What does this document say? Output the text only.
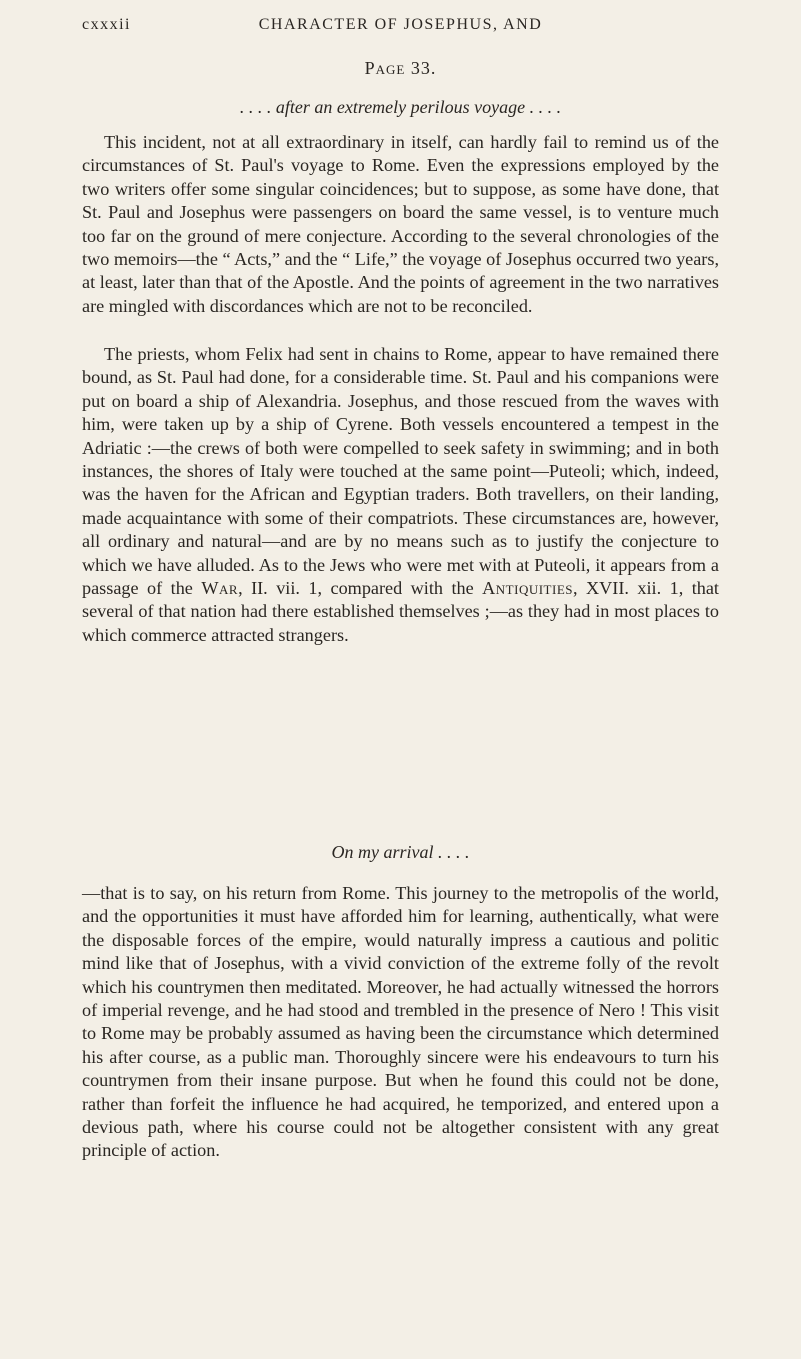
cxxxii	CHARACTER OF JOSEPHUS, AND
Page 33.
. . . . after an extremely perilous voyage . . . .

This incident, not at all extraordinary in itself, can hardly fail to remind us of the circumstances of St. Paul's voyage to Rome. Even the expressions employed by the two writers offer some singular coincidences; but to suppose, as some have done, that St. Paul and Josephus were passengers on board the same vessel, is to venture much too far on the ground of mere conjecture. According to the several chronologies of the two memoirs—the “ Acts,” and the “ Life,” the voyage of Josephus occurred two years, at least, later than that of the Apostle. And the points of agreement in the two narratives are mingled with discordances which are not to be reconciled.

The priests, whom Felix had sent in chains to Rome, appear to have remained there bound, as St. Paul had done, for a considerable time. St. Paul and his companions were put on board a ship of Alexandria. Josephus, and those rescued from the waves with him, were taken up by a ship of Cyrene. Both vessels encountered a tempest in the Adriatic :—the crews of both were compelled to seek safety in swimming; and in both instances, the shores of Italy were touched at the same point—Puteoli; which, indeed, was the haven for the African and Egyptian traders. Both travellers, on their landing, made acquaintance with some of their compatriots. These circumstances are, however, all ordinary and natural—and are by no means such as to justify the conjecture to which we have alluded. As to the Jews who were met with at Puteoli, it appears from a passage of the War, II. vii. 1, compared with the Antiquities, XVII. xii. 1, that several of that nation had there established themselves ;—as they had in most places to which commerce attracted strangers.

On my arrival . . . .

—that is to say, on his return from Rome. This journey to the metropolis of the world, and the opportunities it must have afforded him for learning, authentically, what were the disposable forces of the empire, would naturally impress a cautious and politic mind like that of Josephus, with a vivid conviction of the extreme folly of the revolt which his countrymen then meditated. Moreover, he had actually witnessed the horrors of imperial revenge, and he had stood and trembled in the presence of Nero ! This visit to Rome may be probably assumed as having been the circumstance which determined his after course, as a public man. Thoroughly sincere were his endeavours to turn his countrymen from their insane purpose. But when he found this could not be done, rather than forfeit the influence he had acquired, he temporized, and entered upon a devious path, where his course could not be altogether consistent with any great principle of action.
